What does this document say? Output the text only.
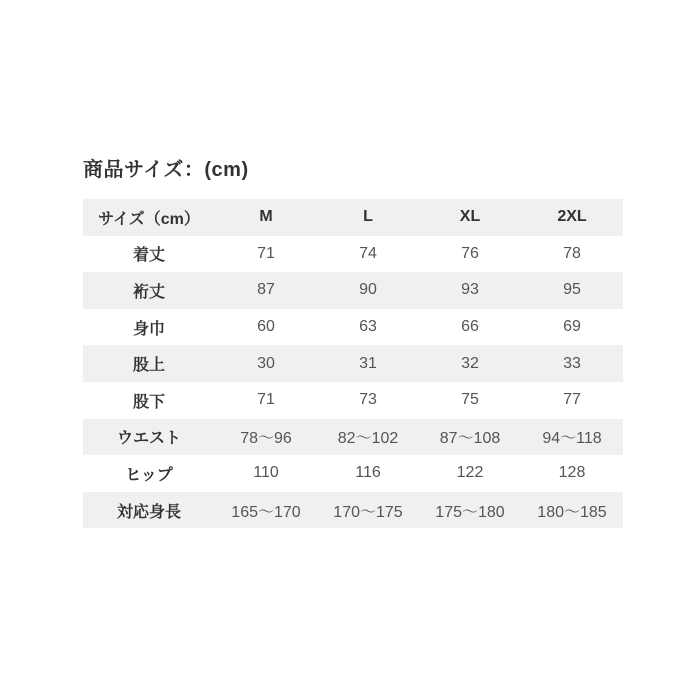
商品サイズ：(cm)
サイズ（cm）	M	L	XL	2XL
着丈	71	74	76	78
裄丈	87	90	93	95
身巾	60	63	66	69
股上	30	31	32	33
股下	71	73	75	77
ウエスト	78〜96	82〜102	87〜108	94〜118
ヒップ	110	116	122	128
対応身長	165〜170	170〜175	175〜180	180〜185
